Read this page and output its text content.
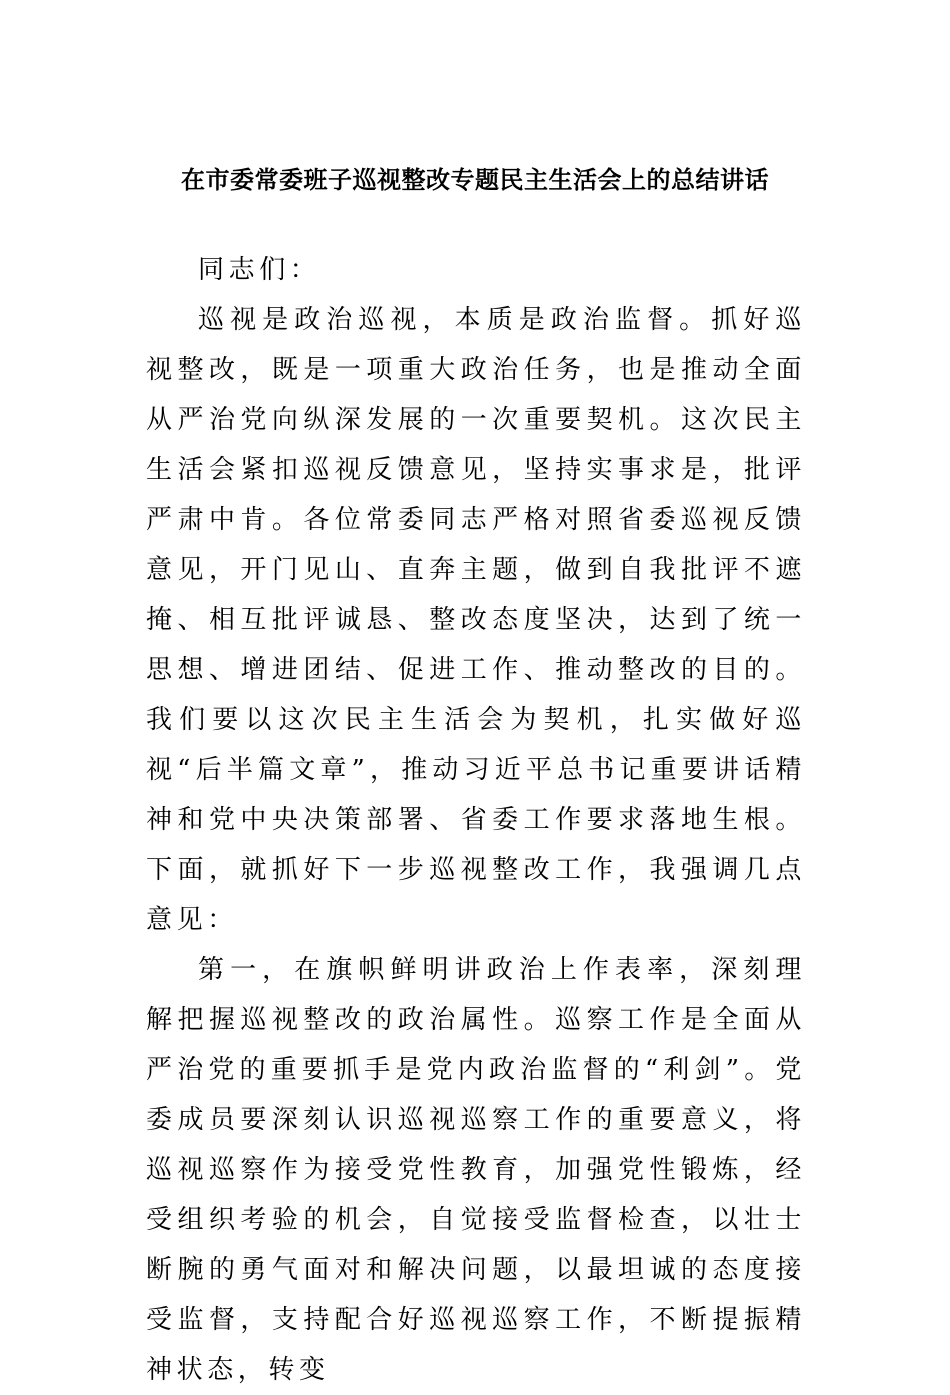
在市委常委班子巡视整改专题民主生活会上的总结讲话

同志们：

巡视是政治巡视，本质是政治监督。抓好巡视整改，既是一项重大政治任务，也是推动全面从严治党向纵深发展的一次重要契机。这次民主生活会紧扣巡视反馈意见，坚持实事求是，批评严肃中肯。各位常委同志严格对照省委巡视反馈意见，开门见山、直奔主题，做到自我批评不遮掩、相互批评诚恳、整改态度坚决，达到了统一思想、增进团结、促进工作、推动整改的目的。我们要以这次民主生活会为契机，扎实做好巡视“后半篇文章”，推动习近平总书记重要讲话精神和党中央决策部署、省委工作要求落地生根。下面，就抓好下一步巡视整改工作，我强调几点意见：

第一，在旗帜鲜明讲政治上作表率，深刻理解把握巡视整改的政治属性。巡察工作是全面从严治党的重要抓手是党内政治监督的“利剑”。党委成员要深刻认识巡视巡察工作的重要意义，将巡视巡察作为接受党性教育，加强党性锻炼，经受组织考验的机会，自觉接受监督检查，以壮士断腕的勇气面对和解决问题，以最坦诚的态度接受监督，支持配合好巡视巡察工作，不断提振精神状态，转变
